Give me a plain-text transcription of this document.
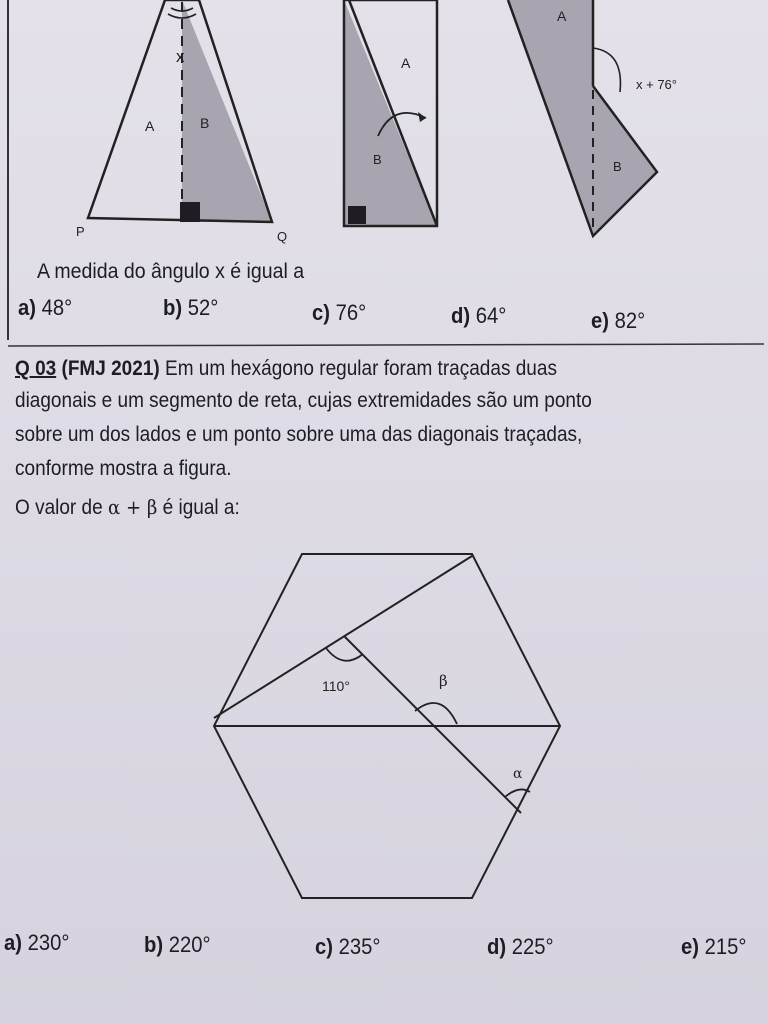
x
A	B
P	Q
A
B
A
B
x + 76°
110°	β
α
A medida do ângulo x é igual a
a) 48°	b) 52°	c) 76°	d) 64°	e) 82°
Q 03 (FMJ 2021) Em um hexágono regular foram traçadas duas
diagonais e um segmento de reta, cujas extremidades são um ponto
sobre um dos lados e um ponto sobre uma das diagonais traçadas,
conforme mostra a figura.
O valor de α + β é igual a:
a) 230°	b) 220°	c) 235°	d) 225°	e) 215°
